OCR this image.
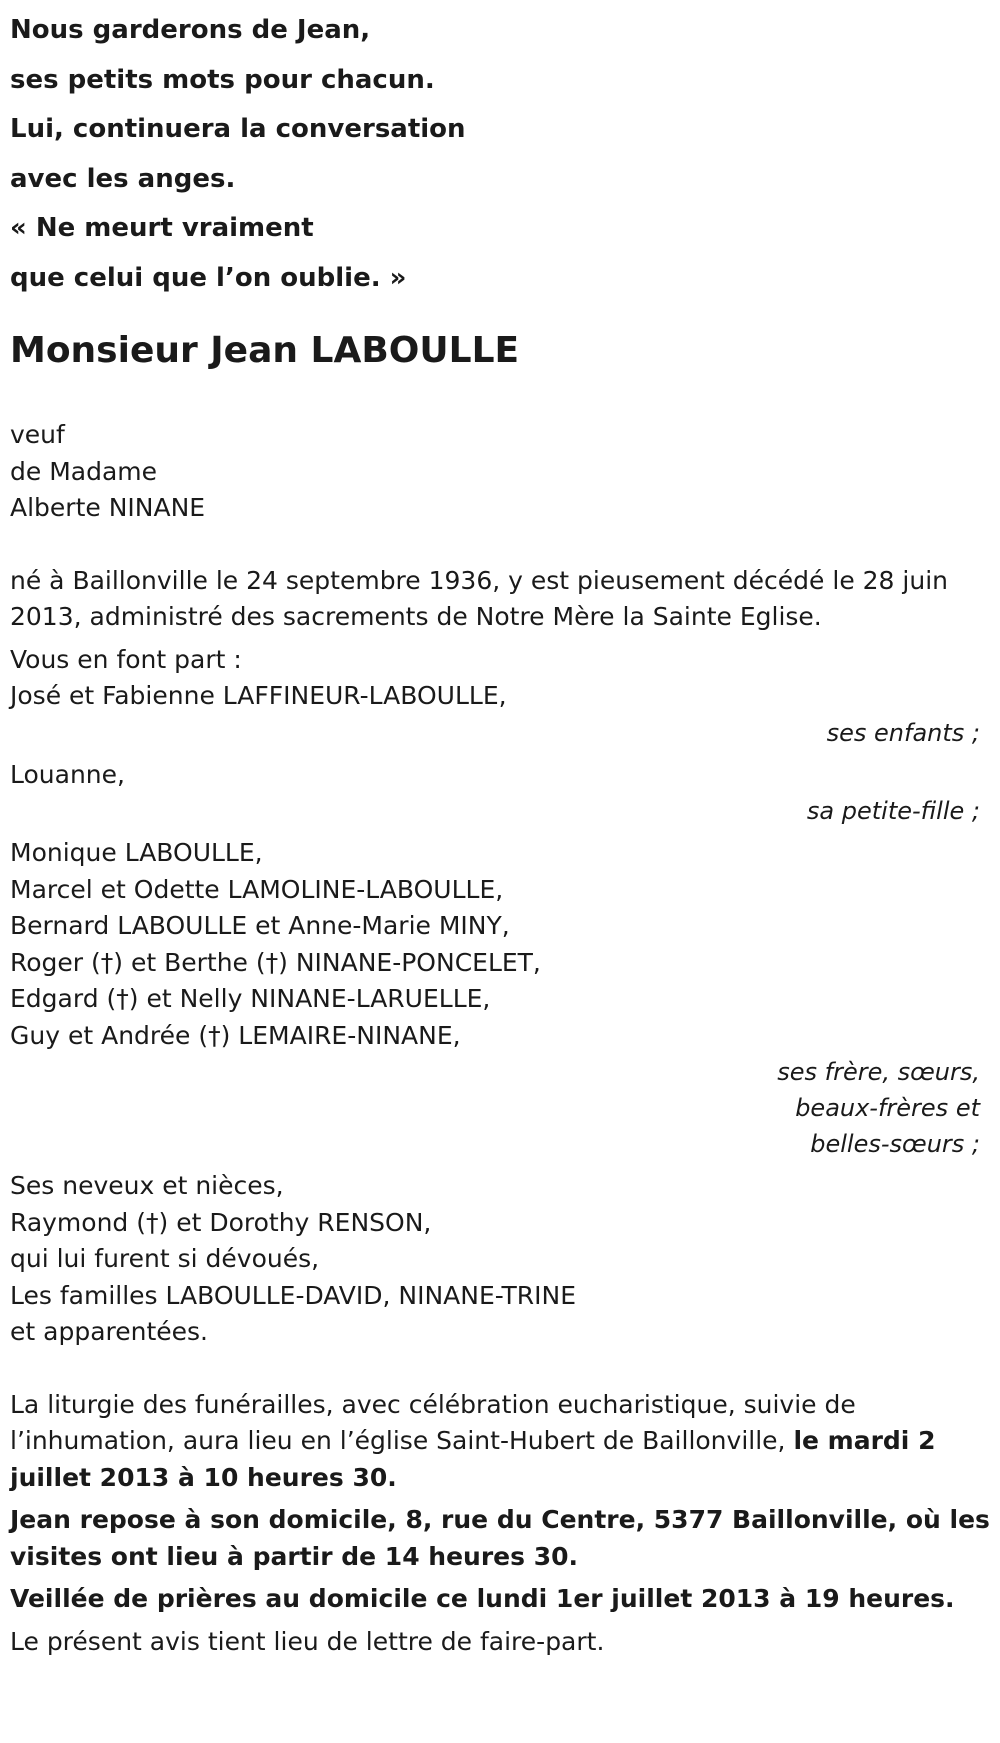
Nous garderons de Jean,

ses petits mots pour chacun.

Lui, continuera la conversation

avec les anges.

« Ne meurt vraiment

que celui que l’on oublie. »

Monsieur Jean LABOULLE
veuf
de Madame
Alberte NINANE

né à Baillonville le 24 septembre 1936, y est pieusement décédé le 28 juin 2013, administré des sacrements de Notre Mère la Sainte Eglise.

Vous en font part :

José et Fabienne LAFFINEUR-LABOULLE,

ses enfants ;

Louanne,

sa petite-fille ;

Monique LABOULLE,

Marcel et Odette LAMOLINE-LABOULLE,

Bernard LABOULLE et Anne-Marie MINY,

Roger (†) et Berthe (†) NINANE-PONCELET,

Edgard (†) et Nelly NINANE-LARUELLE,

Guy et Andrée (†) LEMAIRE-NINANE,

ses frère, sœurs,

beaux-frères et

belles-sœurs ;

Ses neveux et nièces,

Raymond (†) et Dorothy RENSON,

qui lui furent si dévoués,

Les familles LABOULLE-DAVID, NINANE-TRINE

et apparentées.

La liturgie des funérailles, avec célébration eucharistique, suivie de l’inhumation, aura lieu en l’église Saint-Hubert de Baillonville, le mardi 2 juillet 2013 à 10 heures 30.

Jean repose à son domicile, 8, rue du Centre, 5377 Baillonville, où les visites ont lieu à partir de 14 heures 30.

Veillée de prières au domicile ce lundi 1er juillet 2013 à 19 heures.

Le présent avis tient lieu de lettre de faire-part.
